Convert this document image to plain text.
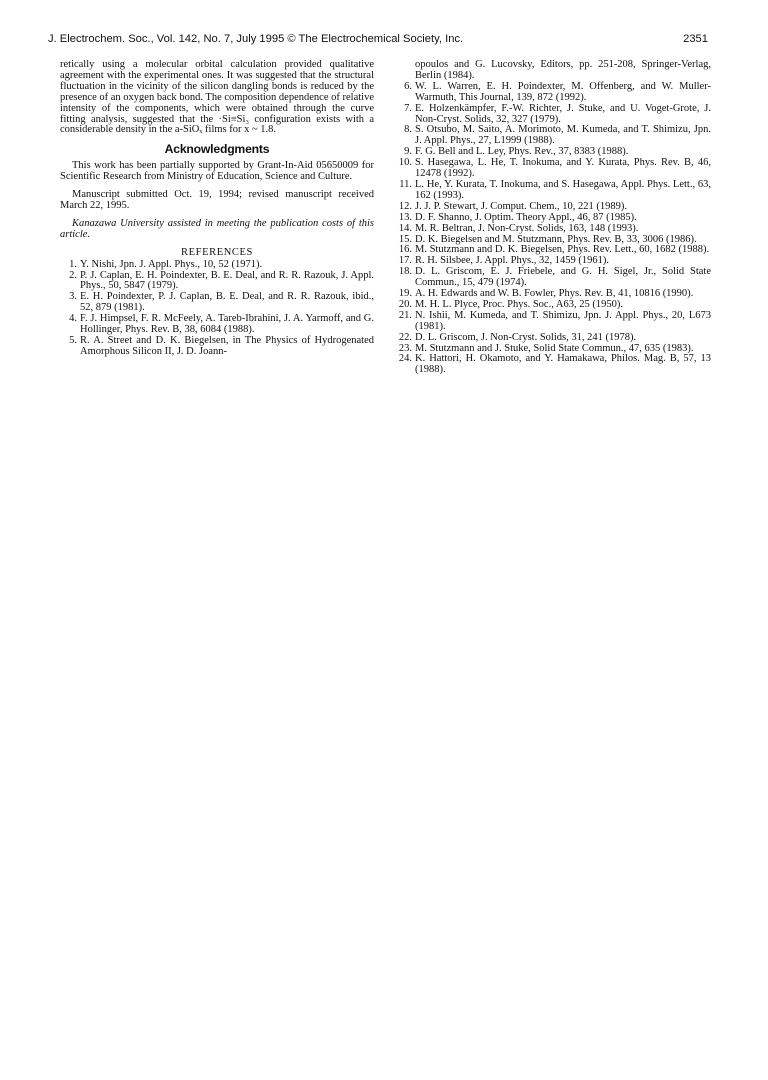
J. Electrochem. Soc., Vol. 142, No. 7, July 1995 © The Electrochemical Society, Inc.	2351

retically using a molecular orbital calculation provided qualitative agreement with the experimental ones. It was suggested that the structural fluctuation in the vicinity of the silicon dangling bonds is reduced by the presence of an oxygen back bond. The composition dependence of relative intensity of the components, which were obtained through the curve fitting analysis, suggested that the ·Si≡Si₃ configuration exists with a considerable density in the a-SiOₓ films for x ~ 1.8.

Acknowledgments

This work has been partially supported by Grant-In-Aid 05650009 for Scientific Research from Ministry of Education, Science and Culture.

Manuscript submitted Oct. 19, 1994; revised manuscript received March 22, 1995.

Kanazawa University assisted in meeting the publication costs of this article.

REFERENCES
1. Y. Nishi, Jpn. J. Appl. Phys., 10, 52 (1971).
2. P. J. Caplan, E. H. Poindexter, B. E. Deal, and R. R. Razouk, J. Appl. Phys., 50, 5847 (1979).
3. E. H. Poindexter, P. J. Caplan, B. E. Deal, and R. R. Razouk, ibid., 52, 879 (1981).
4. F. J. Himpsel, F. R. McFeely, A. Tareb-Ibrahini, J. A. Yarmoff, and G. Hollinger, Phys. Rev. B, 38, 6084 (1988).
5. R. A. Street and D. K. Biegelsen, in The Physics of Hydrogenated Amorphous Silicon II, J. D. Joann-
opoulos and G. Lucovsky, Editors, pp. 251-208, Springer-Verlag, Berlin (1984).
6. W. L. Warren, E. H. Poindexter, M. Offenberg, and W. Muller-Warmuth, This Journal, 139, 872 (1992).
7. E. Holzenkämpfer, F.-W. Richter, J. Stuke, and U. Voget-Grote, J. Non-Cryst. Solids, 32, 327 (1979).
8. S. Otsubo, M. Saito, A. Morimoto, M. Kumeda, and T. Shimizu, Jpn. J. Appl. Phys., 27, L1999 (1988).
9. F. G. Bell and L. Ley, Phys. Rev., 37, 8383 (1988).
10. S. Hasegawa, L. He, T. Inokuma, and Y. Kurata, Phys. Rev. B, 46, 12478 (1992).
11. L. He, Y. Kurata, T. Inokuma, and S. Hasegawa, Appl. Phys. Lett., 63, 162 (1993).
12. J. J. P. Stewart, J. Comput. Chem., 10, 221 (1989).
13. D. F. Shanno, J. Optim. Theory Appl., 46, 87 (1985).
14. M. R. Beltran, J. Non-Cryst. Solids, 163, 148 (1993).
15. D. K. Biegelsen and M. Stutzmann, Phys. Rev. B, 33, 3006 (1986).
16. M. Stutzmann and D. K. Biegelsen, Phys. Rev. Lett., 60, 1682 (1988).
17. R. H. Silsbee, J. Appl. Phys., 32, 1459 (1961).
18. D. L. Griscom, E. J. Friebele, and G. H. Sigel, Jr., Solid State Commun., 15, 479 (1974).
19. A. H. Edwards and W. B. Fowler, Phys. Rev. B, 41, 10816 (1990).
20. M. H. L. Plyce, Proc. Phys. Soc., A63, 25 (1950).
21. N. Ishii, M. Kumeda, and T. Shimizu, Jpn. J. Appl. Phys., 20, L673 (1981).
22. D. L. Griscom, J. Non-Cryst. Solids, 31, 241 (1978).
23. M. Stutzmann and J. Stuke, Solid State Commun., 47, 635 (1983).
24. K. Hattori, H. Okamoto, and Y. Hamakawa, Philos. Mag. B, 57, 13 (1988).
